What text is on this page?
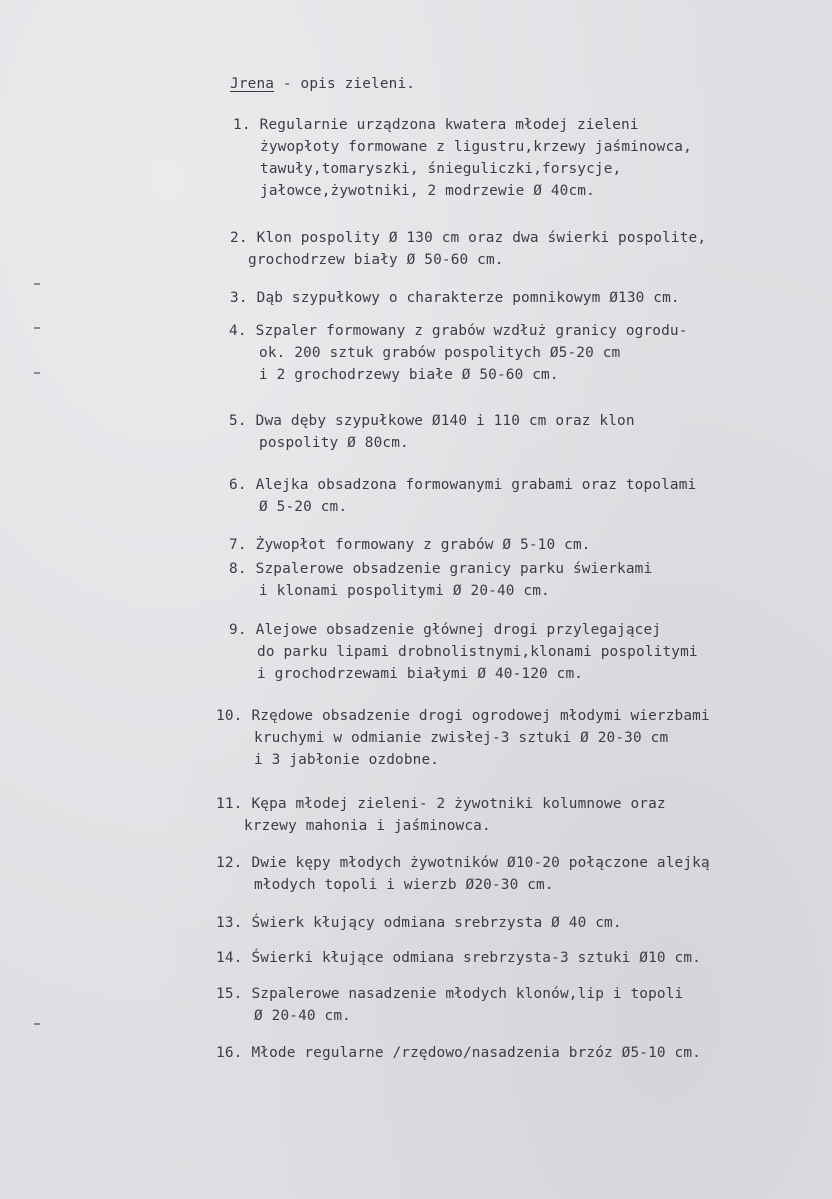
Jrena - opis zieleni.
1. Regularnie urządzona kwatera młodej zieleni
żywopłoty formowane z ligustru,krzewy jaśminowca,
tawuły,tomaryszki, śnieguliczki,forsycje,
jałowce,żywotniki, 2 modrzewie Ø 40cm.
2. Klon pospolity Ø 130 cm oraz dwa świerki pospolite,
grochodrzew biały Ø 50-60 cm.
3. Dąb szypułkowy o charakterze pomnikowym Ø130 cm.
4. Szpaler formowany z grabów wzdłuż granicy ogrodu-
ok. 200 sztuk grabów pospolitych Ø5-20 cm
i 2 grochodrzewy białe Ø 50-60 cm.
5. Dwa dęby szypułkowe Ø140 i 110 cm oraz klon
pospolity Ø 80cm.
6. Alejka obsadzona formowanymi grabami oraz topolami
Ø 5-20 cm.
7. Żywopłot formowany z grabów Ø 5-10 cm.
8. Szpalerowe obsadzenie granicy parku świerkami
i klonami pospolitymi Ø 20-40 cm.
9. Alejowe obsadzenie głównej drogi przylegającej
do parku lipami drobnolistnymi,klonami pospolitymi
i grochodrzewami białymi Ø 40-120 cm.
10. Rzędowe obsadzenie drogi ogrodowej młodymi wierzbami
kruchymi w odmianie zwisłej-3 sztuki Ø 20-30 cm
i 3 jabłonie ozdobne.
11. Kępa młodej zieleni- 2 żywotniki kolumnowe oraz
krzewy mahonia i jaśminowca.
12. Dwie kępy młodych żywotników Ø10-20 połączone alejką
młodych topoli i wierzb Ø20-30 cm.
13. Świerk kłujący odmiana srebrzysta Ø 40 cm.
14. Świerki kłujące odmiana srebrzysta-3 sztuki Ø10 cm.
15. Szpalerowe nasadzenie młodych klonów,lip i topoli
Ø 20-40 cm.
16. Młode regularne /rzędowo/nasadzenia brzóz Ø5-10 cm.
